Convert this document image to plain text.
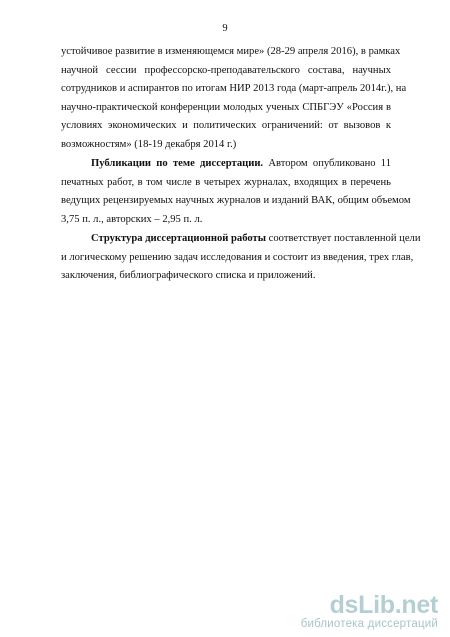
9
устойчивое развитие в изменяющемся мире» (28-29 апреля 2016), в рамках
научной сессии профессорско-преподавательского состава, научных
сотрудников и аспирантов по итогам НИР 2013 года (март-апрель 2014г.), на
научно-практической конференции молодых ученых СПБГЭУ «Россия в
условиях экономических и политических ограничений: от вызовов к
возможностям» (18-19 декабря 2014 г.)
Публикации по теме диссертации. Автором опубликовано 11
печатных работ, в том числе в четырех журналах, входящих в перечень
ведущих рецензируемых научных журналов и изданий ВАК, общим объемом
3,75 п. л., авторских – 2,95 п. л.
Структура диссертационной работы соответствует поставленной цели
и логическому решению задач исследования и состоит из введения, трех глав,
заключения, библиографического списка и приложений.
dsLib.net
библиотека диссертаций
